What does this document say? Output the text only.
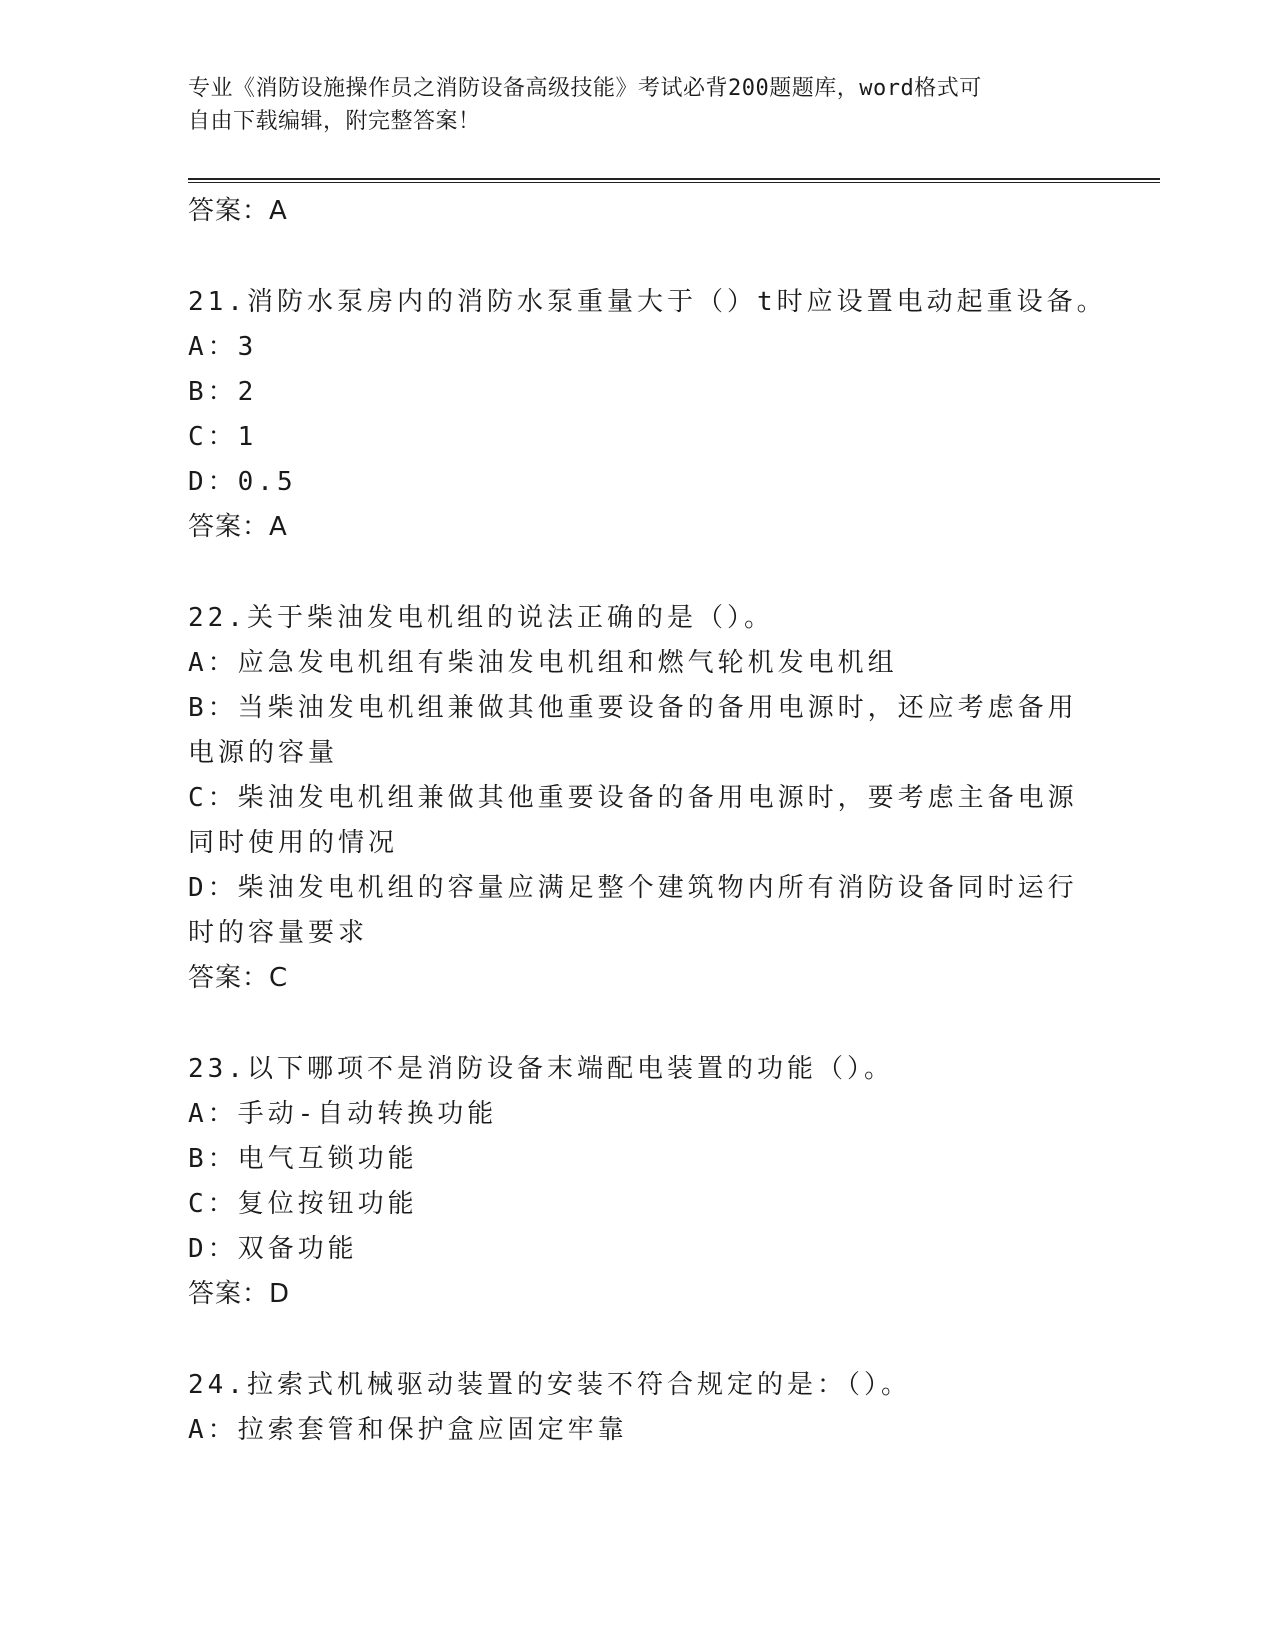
专业《消防设施操作员之消防设备高级技能》考试必背200题题库，word格式可
自由下载编辑，附完整答案！
答案：A
21.消防水泵房内的消防水泵重量大于（）t时应设置电动起重设备。
A：3
B：2
C：1
D：0.5
答案：A
22.关于柴油发电机组的说法正确的是（）。
A：应急发电机组有柴油发电机组和燃气轮机发电机组
B：当柴油发电机组兼做其他重要设备的备用电源时，还应考虑备用电源的容量
C：柴油发电机组兼做其他重要设备的备用电源时，要考虑主备电源同时使用的情况
D：柴油发电机组的容量应满足整个建筑物内所有消防设备同时运行时的容量要求
答案：C
23.以下哪项不是消防设备末端配电装置的功能（）。
A：手动-自动转换功能
B：电气互锁功能
C：复位按钮功能
D：双备功能
答案：D
24.拉索式机械驱动装置的安装不符合规定的是：（）。
A：拉索套管和保护盒应固定牢靠
